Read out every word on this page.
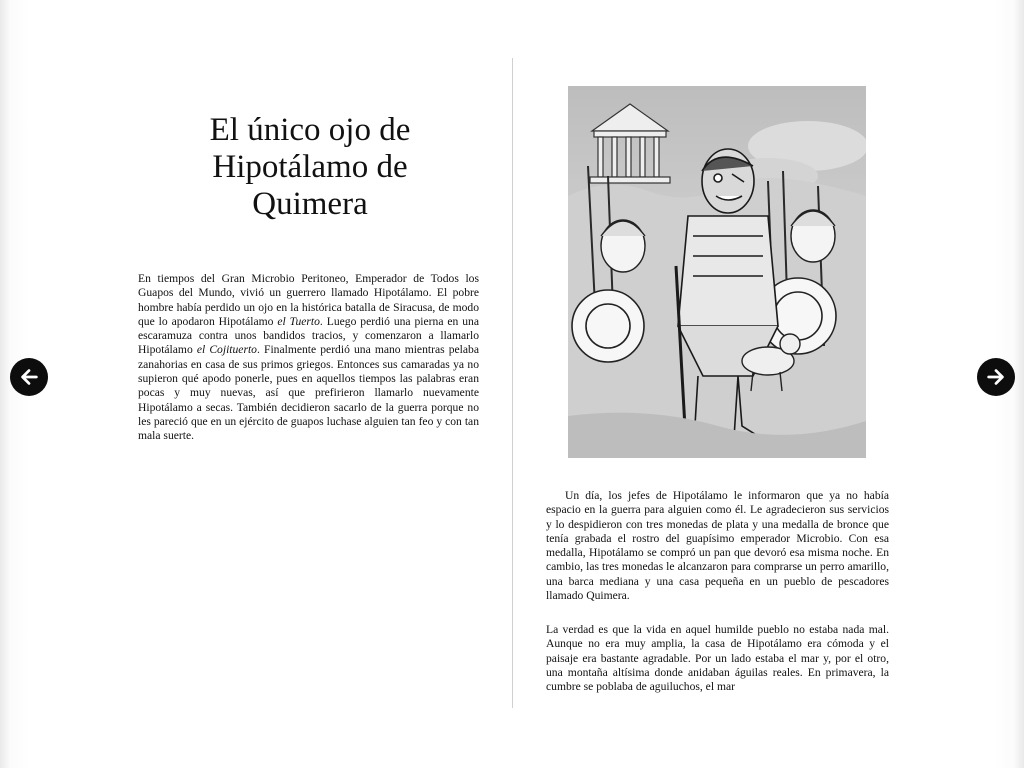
El único ojo de
Hipotálamo de
Quimera

En tiempos del Gran Microbio Peritoneo, Emperador de Todos los Guapos del Mundo, vivió un guerrero llamado Hipotálamo. El pobre hombre había perdido un ojo en la histórica batalla de Siracusa, de modo que lo apodaron Hipotálamo el Tuerto. Luego perdió una pierna en una escaramuza contra unos bandidos tracios, y comenzaron a llamarlo Hipotálamo el Cojituerto. Finalmente perdió una mano mientras pelaba zanahorias en casa de sus primos griegos. Entonces sus camaradas ya no supieron qué apodo ponerle, pues en aquellos tiempos las palabras eran pocas y muy nuevas, así que prefirieron llamarlo nuevamente Hipotálamo a secas. También decidieron sacarlo de la guerra porque no les pareció que en un ejército de guapos luchase alguien tan feo y con tan mala suerte.

Un día, los jefes de Hipotálamo le informaron que ya no había espacio en la guerra para alguien como él. Le agradecieron sus servicios y lo despidieron con tres monedas de plata y una medalla de bronce que tenía grabada el rostro del guapísimo emperador Microbio. Con esa medalla, Hipotálamo se compró un pan que devoró esa misma noche. En cambio, las tres monedas le alcanzaron para comprarse un perro amarillo, una barca mediana y una casa pequeña en un pueblo de pescadores llamado Quimera.

La verdad es que la vida en aquel humilde pueblo no estaba nada mal. Aunque no era muy amplia, la casa de Hipotálamo era cómoda y el paisaje era bastante agradable. Por un lado estaba el mar y, por el otro, una montaña altísima donde anidaban águilas reales. En primavera, la cumbre se poblaba de aguiluchos, el mar
